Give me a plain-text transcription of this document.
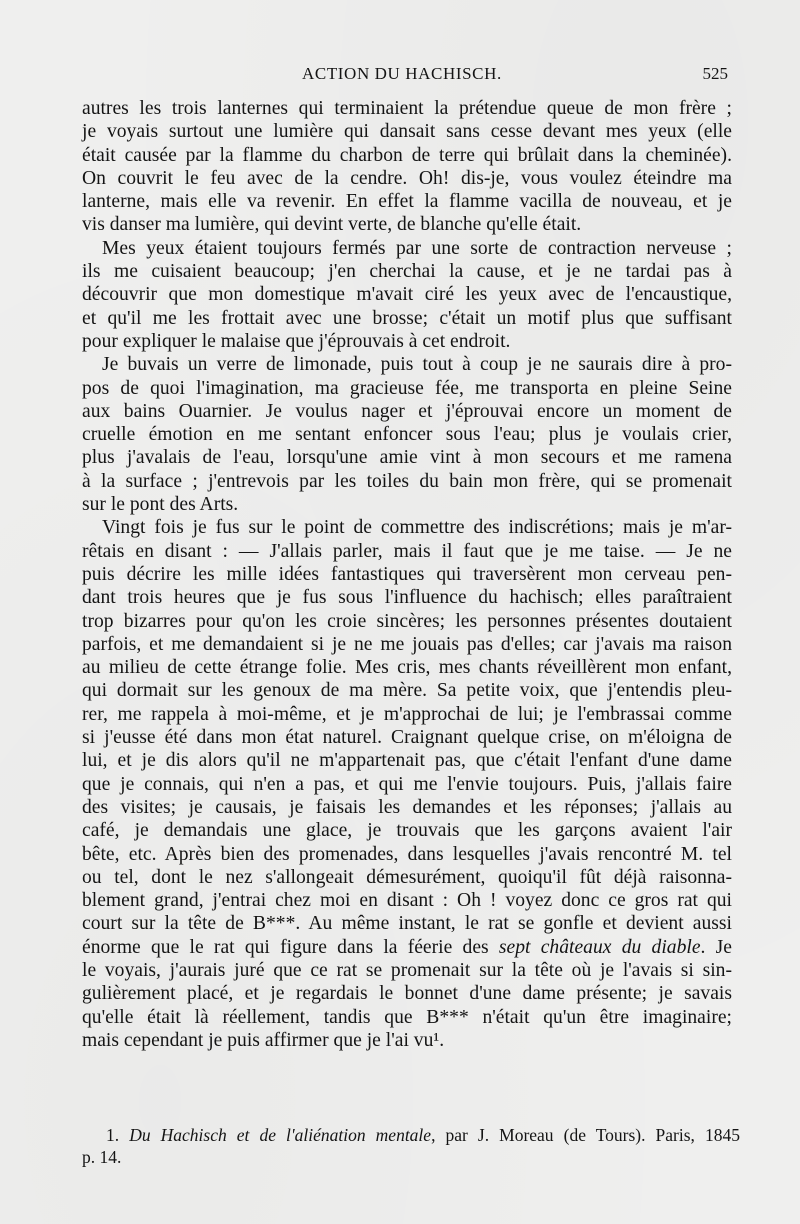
ACTION DU HACHISCH.	525
autres les trois lanternes qui terminaient la prétendue queue de mon frère ;
je voyais surtout une lumière qui dansait sans cesse devant mes yeux (elle
était causée par la flamme du charbon de terre qui brûlait dans la cheminée).
On couvrit le feu avec de la cendre. Oh! dis-je, vous voulez éteindre ma
lanterne, mais elle va revenir. En effet la flamme vacilla de nouveau, et je
vis danser ma lumière, qui devint verte, de blanche qu'elle était.
Mes yeux étaient toujours fermés par une sorte de contraction nerveuse ;
ils me cuisaient beaucoup; j'en cherchai la cause, et je ne tardai pas à
découvrir que mon domestique m'avait ciré les yeux avec de l'encaustique,
et qu'il me les frottait avec une brosse; c'était un motif plus que suffisant
pour expliquer le malaise que j'éprouvais à cet endroit.
Je buvais un verre de limonade, puis tout à coup je ne saurais dire à pro-
pos de quoi l'imagination, ma gracieuse fée, me transporta en pleine Seine
aux bains Ouarnier. Je voulus nager et j'éprouvai encore un moment de
cruelle émotion en me sentant enfoncer sous l'eau; plus je voulais crier,
plus j'avalais de l'eau, lorsqu'une amie vint à mon secours et me ramena
à la surface ; j'entrevois par les toiles du bain mon frère, qui se promenait
sur le pont des Arts.
Vingt fois je fus sur le point de commettre des indiscrétions; mais je m'ar-
rêtais en disant : — J'allais parler, mais il faut que je me taise. — Je ne
puis décrire les mille idées fantastiques qui traversèrent mon cerveau pen-
dant trois heures que je fus sous l'influence du hachisch; elles paraîtraient
trop bizarres pour qu'on les croie sincères; les personnes présentes doutaient
parfois, et me demandaient si je ne me jouais pas d'elles; car j'avais ma raison
au milieu de cette étrange folie. Mes cris, mes chants réveillèrent mon enfant,
qui dormait sur les genoux de ma mère. Sa petite voix, que j'entendis pleu-
rer, me rappela à moi-même, et je m'approchai de lui; je l'embrassai comme
si j'eusse été dans mon état naturel. Craignant quelque crise, on m'éloigna de
lui, et je dis alors qu'il ne m'appartenait pas, que c'était l'enfant d'une dame
que je connais, qui n'en a pas, et qui me l'envie toujours. Puis, j'allais faire
des visites; je causais, je faisais les demandes et les réponses; j'allais au
café, je demandais une glace, je trouvais que les garçons avaient l'air
bête, etc. Après bien des promenades, dans lesquelles j'avais rencontré M. tel
ou tel, dont le nez s'allongeait démesurément, quoiqu'il fût déjà raisonna-
blement grand, j'entrai chez moi en disant : Oh ! voyez donc ce gros rat qui
court sur la tête de B***. Au même instant, le rat se gonfle et devient aussi
énorme que le rat qui figure dans la féerie des sept châteaux du diable. Je
le voyais, j'aurais juré que ce rat se promenait sur la tête où je l'avais si sin-
gulièrement placé, et je regardais le bonnet d'une dame présente; je savais
qu'elle était là réellement, tandis que B*** n'était qu'un être imaginaire;
mais cependant je puis affirmer que je l'ai vu¹.
1. Du Hachisch et de l'aliénation mentale, par J. Moreau (de Tours). Paris, 1845
p. 14.
